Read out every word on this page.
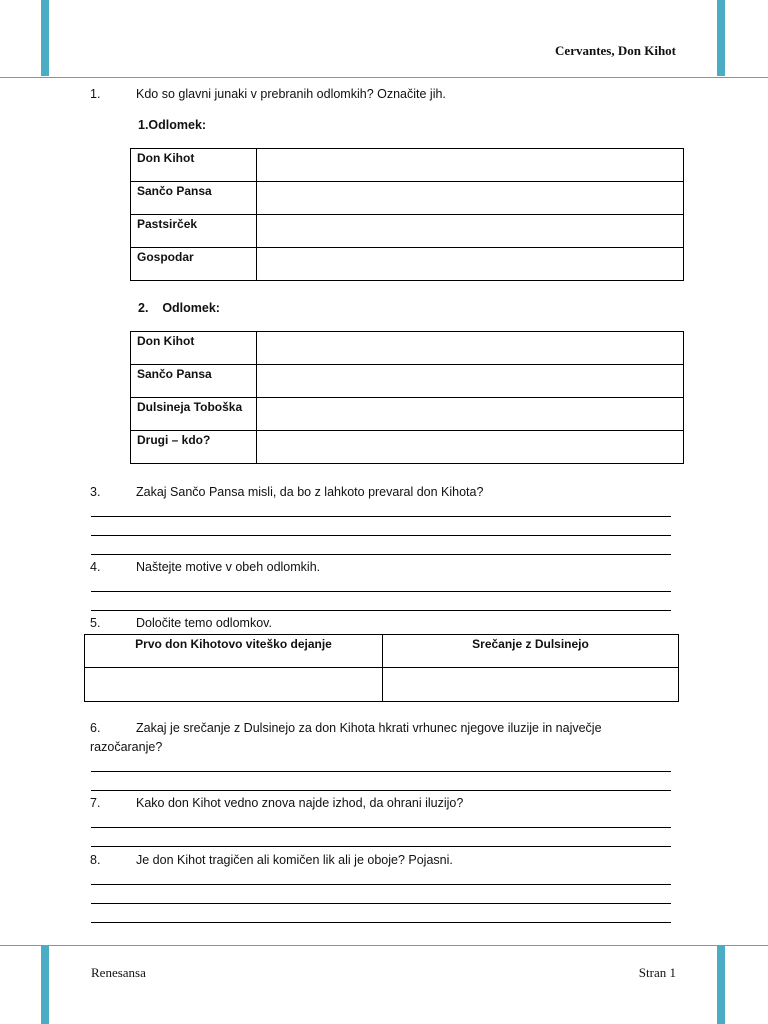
Cervantes, Don Kihot
Renesansa	Stran 1
1.	Kdo so glavni junaki v prebranih odlomkih? Označite jih.
1.Odlomek:
Don Kihot	
Sančo Pansa	
Pastsirček	
Gospodar	
2.    Odlomek:
Don Kihot	
Sančo Pansa	
Dulsineja Toboška	
Drugi – kdo?	
3.	Zakaj Sančo Pansa misli, da bo z lahkoto prevaral don Kihota?
4.	Naštejte motive v obeh odlomkih.
5.	Določite temo odlomkov.
Prvo don Kihotovo viteško dejanje	Srečanje z Dulsinejo

6.	Zakaj je srečanje z Dulsinejo za don Kihota hkrati vrhunec njegove iluzije in največje
razočaranje?
7.	Kako don Kihot vedno znova najde izhod, da ohrani iluzijo?
8.	Je don Kihot tragičen ali komičen lik ali je oboje? Pojasni.
